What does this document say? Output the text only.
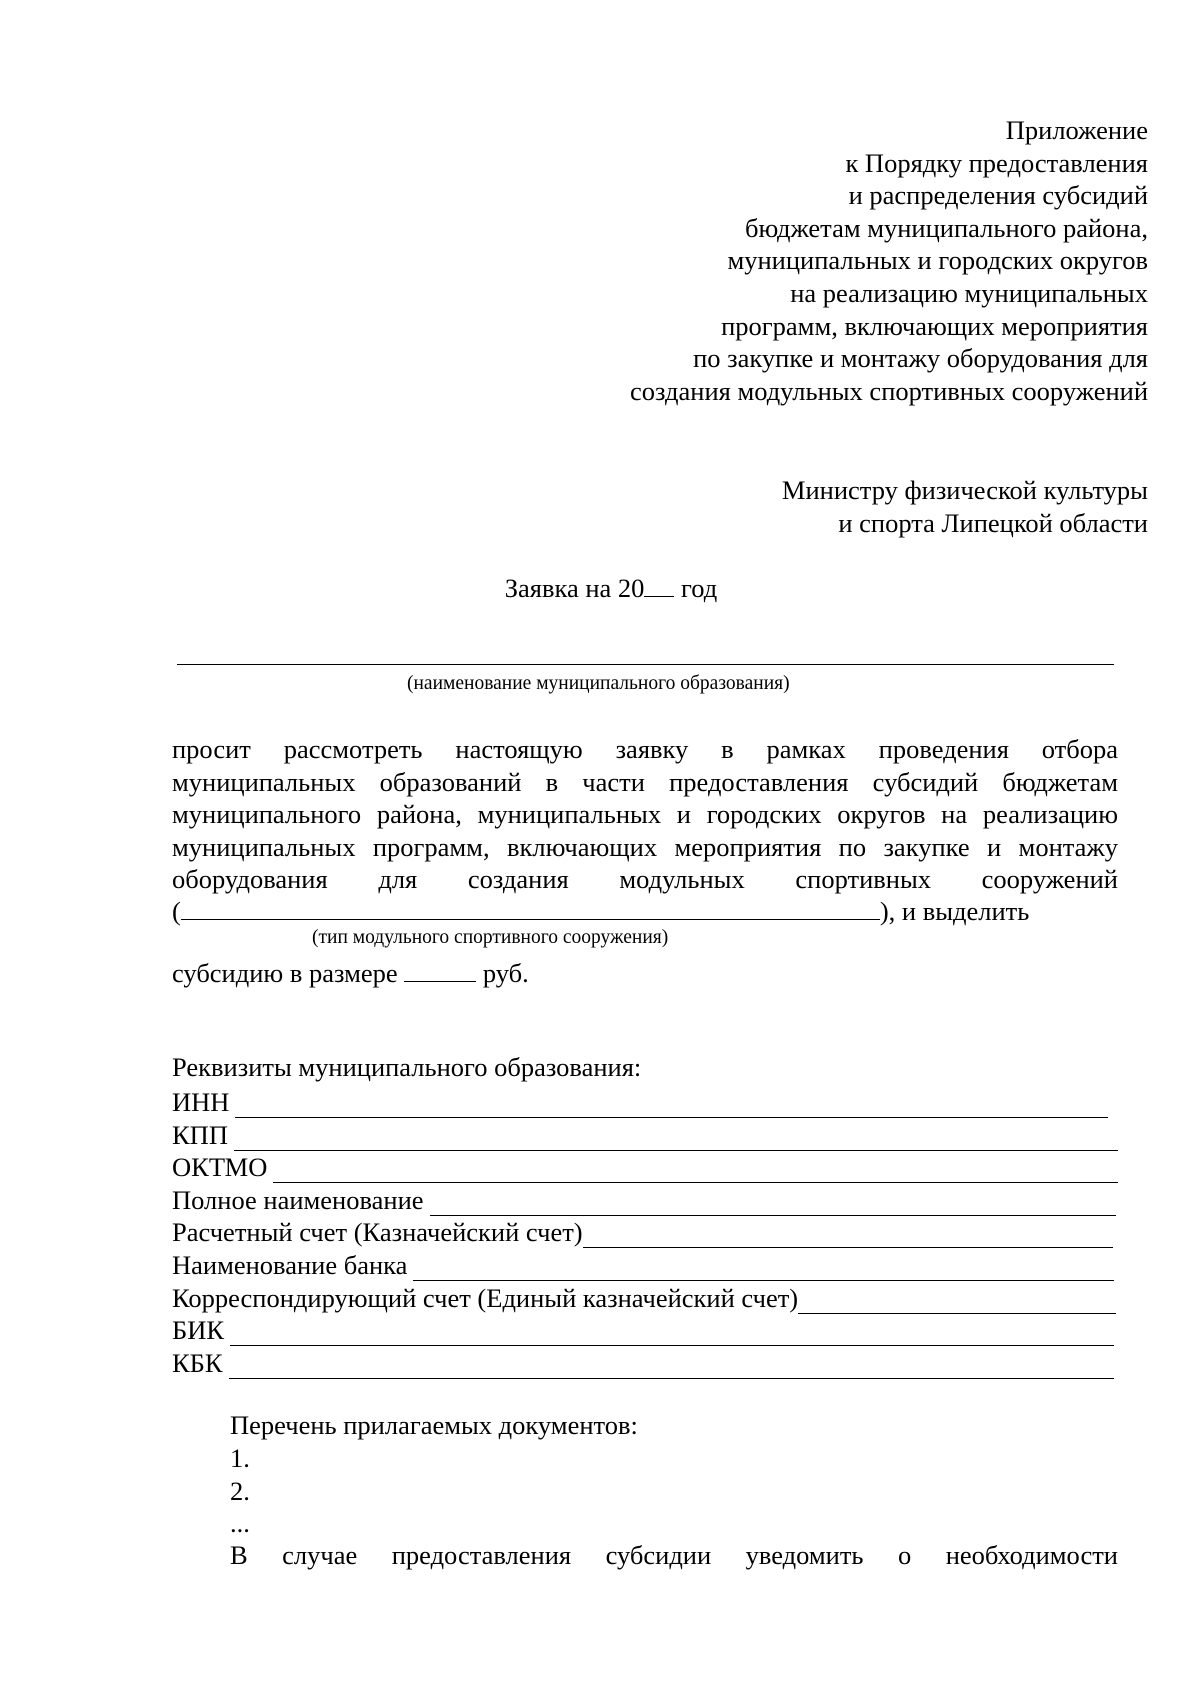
Приложение
к Порядку предоставления
и распределения субсидий
бюджетам муниципального района,
муниципальных и городских округов
на реализацию муниципальных
программ, включающих мероприятия
по закупке и монтажу оборудования для
создания модульных спортивных сооружений
Министру физической культуры
и спорта Липецкой области
Заявка на 20 год
(наименование муниципального образования)

просит рассмотреть настоящую заявку в рамках проведения отбора

муниципальных образований в части предоставления субсидий бюджетам

муниципального района, муниципальных и городских округов на реализацию

муниципальных программ, включающих мероприятия по закупке и монтажу

оборудования для создания модульных спортивных сооружений

(	), и выделить
(тип модульного спортивного сооружения)
субсидию в размере	руб.
Реквизиты муниципального образования:
ИНН
КПП
ОКТМО
Полное наименование
Расчетный счет (Казначейский счет)
Наименование банка
Корреспондирующий счет (Единый казначейский счет)
БИК
КБК
Перечень прилагаемых документов:
1.
2.
...

В случае предоставления субсидии уведомить о необходимости
